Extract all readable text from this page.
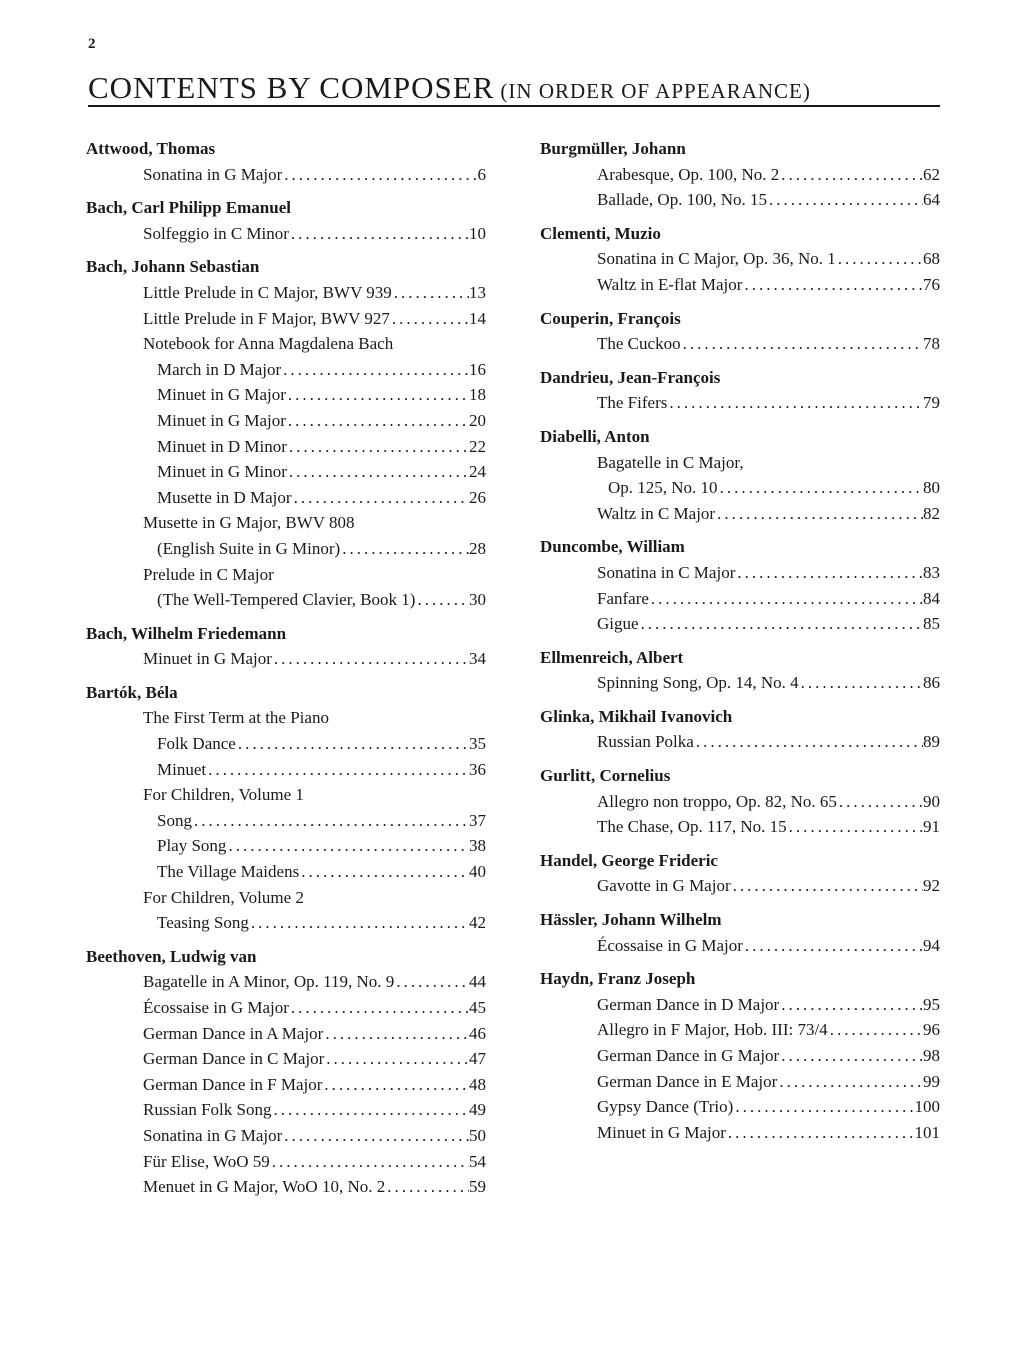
2
CONTENTS BY COMPOSER (IN ORDER OF APPEARANCE)
Attwood, Thomas
Sonatina in G Major .....	6
Bach, Carl Philipp Emanuel
Solfeggio in C Minor .....	10
Bach, Johann Sebastian
Little Prelude in C Major, BWV 939 .....	13
Little Prelude in F Major, BWV 927 .....	14
Notebook for Anna Magdalena Bach
March in D Major .....	16
Minuet in G Major .....	18
Minuet in G Major .....	20
Minuet in D Minor .....	22
Minuet in G Minor .....	24
Musette in D Major .....	26
Musette in G Major, BWV 808
(English Suite in G Minor) .....	28
Prelude in C Major
(The Well-Tempered Clavier, Book 1) .....	30
Bach, Wilhelm Friedemann
Minuet in G Major .....	34
Bartók, Béla
The First Term at the Piano
Folk Dance .....	35
Minuet .....	36
For Children, Volume 1
Song .....	37
Play Song .....	38
The Village Maidens .....	40
For Children, Volume 2
Teasing Song .....	42
Beethoven, Ludwig van
Bagatelle in A Minor, Op. 119, No. 9 .....	44
Écossaise in G Major .....	45
German Dance in A Major .....	46
German Dance in C Major .....	47
German Dance in F Major .....	48
Russian Folk Song .....	49
Sonatina in G Major .....	50
Für Elise, WoO 59 .....	54
Menuet in G Major, WoO 10, No. 2 .....	59
Burgmüller, Johann
Arabesque, Op. 100, No. 2 .....	62
Ballade, Op. 100, No. 15 .....	64
Clementi, Muzio
Sonatina in C Major, Op. 36, No. 1 .....	68
Waltz in E-flat Major .....	76
Couperin, François
The Cuckoo .....	78
Dandrieu, Jean-François
The Fifers .....	79
Diabelli, Anton
Bagatelle in C Major,
Op. 125, No. 10 .....	80
Waltz in C Major .....	82
Duncombe, William
Sonatina in C Major .....	83
Fanfare .....	84
Gigue .....	85
Ellmenreich, Albert
Spinning Song, Op. 14, No. 4 .....	86
Glinka, Mikhail Ivanovich
Russian Polka .....	89
Gurlitt, Cornelius
Allegro non troppo, Op. 82, No. 65 .....	90
The Chase, Op. 117, No. 15 .....	91
Handel, George Frideric
Gavotte in G Major .....	92
Hässler, Johann Wilhelm
Écossaise in G Major .....	94
Haydn, Franz Joseph
German Dance in D Major .....	95
Allegro in F Major, Hob. III: 73/4 .....	96
German Dance in G Major .....	98
German Dance in E Major .....	99
Gypsy Dance (Trio) .....	100
Minuet in G Major .....	101
